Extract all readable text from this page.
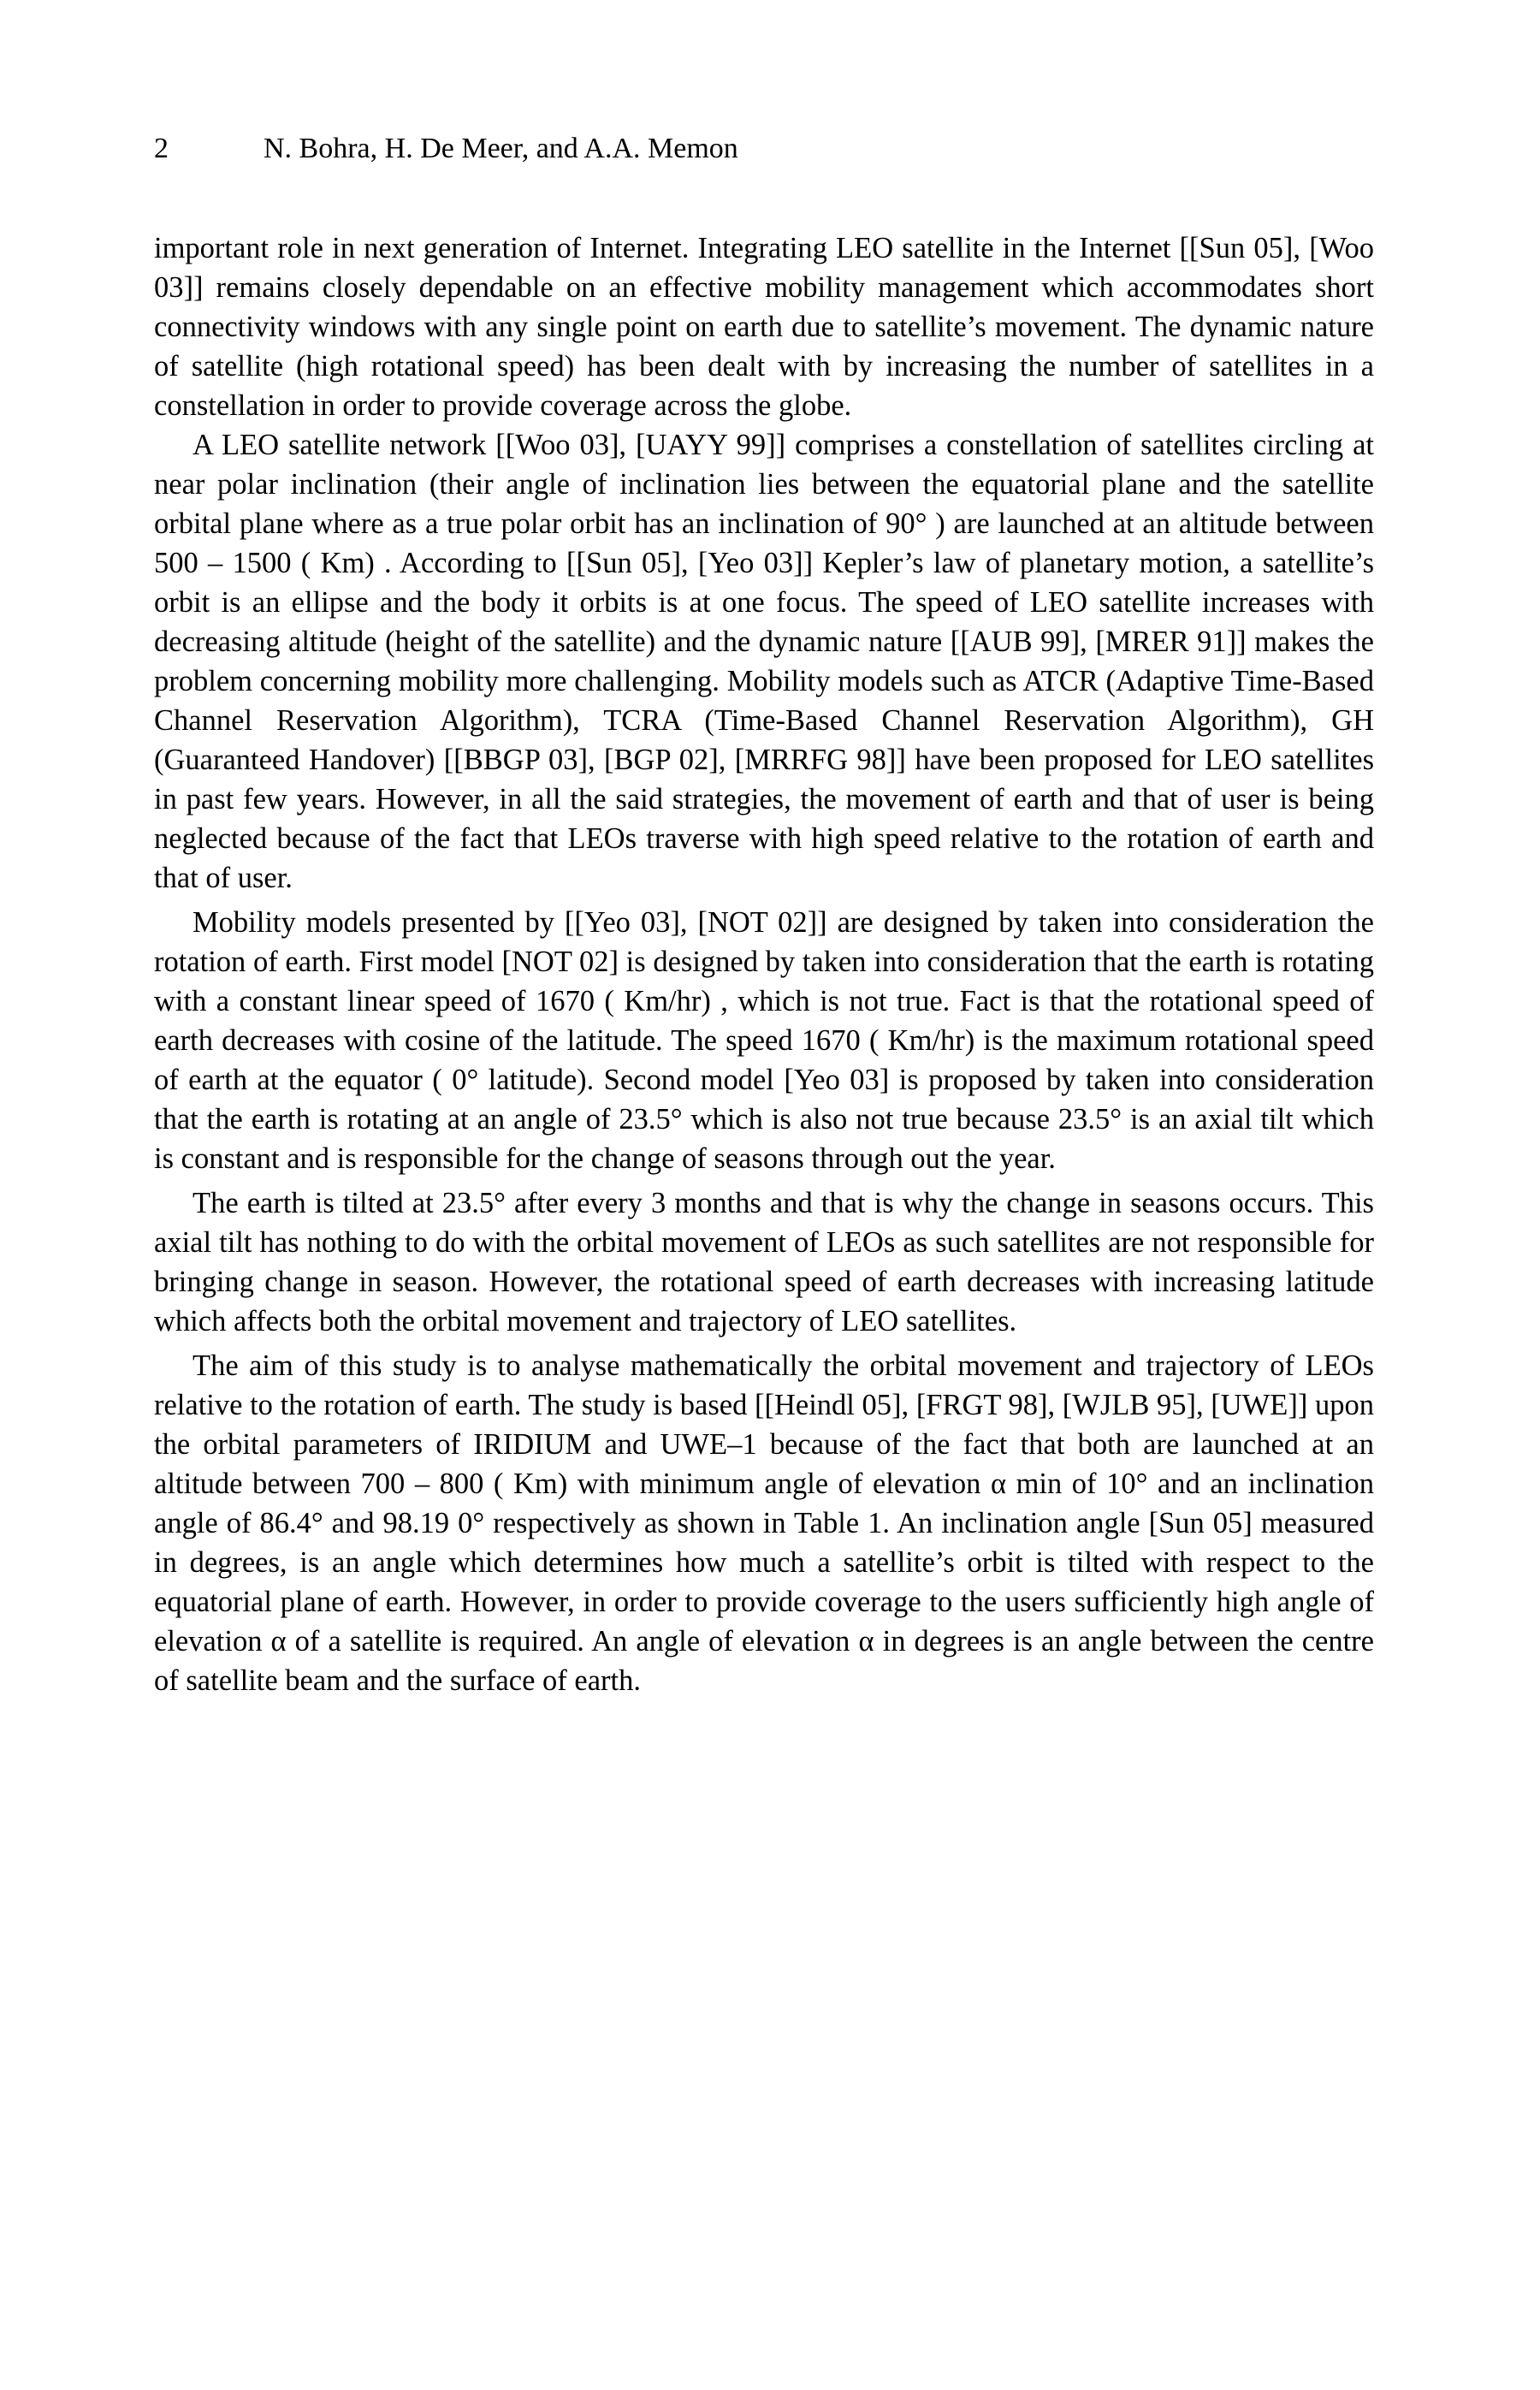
2	N. Bohra, H. De Meer, and A.A. Memon

important role in next generation of Internet. Integrating LEO satellite in the Internet [[Sun 05], [Woo 03]] remains closely dependable on an effective mobility management which accommodates short connectivity windows with any single point on earth due to satellite’s movement. The dynamic nature of satellite (high rotational speed) has been dealt with by increasing the number of satellites in a constellation in order to provide coverage across the globe.

A LEO satellite network [[Woo 03], [UAYY 99]] comprises a constellation of satellites circling at near polar inclination (their angle of inclination lies between the equatorial plane and the satellite orbital plane where as a true polar orbit has an inclination of 90° ) are launched at an altitude between 500 – 1500 ( Km) . According to [[Sun 05], [Yeo 03]] Kepler’s law of planetary motion, a satellite’s orbit is an ellipse and the body it orbits is at one focus. The speed of LEO satellite increases with decreasing altitude (height of the satellite) and the dynamic nature [[AUB 99], [MRER 91]] makes the problem concerning mobility more challenging. Mobility models such as ATCR (Adaptive Time-Based Channel Reservation Algorithm), TCRA (Time-Based Channel Reservation Algorithm), GH (Guaranteed Handover) [[BBGP 03], [BGP 02], [MRRFG 98]] have been proposed for LEO satellites in past few years. However, in all the said strategies, the movement of earth and that of user is being neglected because of the fact that LEOs traverse with high speed relative to the rotation of earth and that of user.

Mobility models presented by [[Yeo 03], [NOT 02]] are designed by taken into consideration the rotation of earth. First model [NOT 02] is designed by taken into consideration that the earth is rotating with a constant linear speed of 1670 ( Km/hr) , which is not true. Fact is that the rotational speed of earth decreases with cosine of the latitude. The speed 1670 ( Km/hr) is the maximum rotational speed of earth at the equator ( 0° latitude). Second model [Yeo 03] is proposed by taken into consideration that the earth is rotating at an angle of 23.5° which is also not true because 23.5° is an axial tilt which is constant and is responsible for the change of seasons through out the year.

The earth is tilted at 23.5° after every 3 months and that is why the change in seasons occurs. This axial tilt has nothing to do with the orbital movement of LEOs as such satellites are not responsible for bringing change in season. However, the rotational speed of earth decreases with increasing latitude which affects both the orbital movement and trajectory of LEO satellites.

The aim of this study is to analyse mathematically the orbital movement and trajectory of LEOs relative to the rotation of earth. The study is based [[Heindl 05], [FRGT 98], [WJLB 95], [UWE]] upon the orbital parameters of IRIDIUM and UWE–1 because of the fact that both are launched at an altitude between 700 – 800 ( Km) with minimum angle of elevation α min of 10° and an inclination angle of 86.4° and 98.19 0° respectively as shown in Table 1. An inclination angle [Sun 05] measured in degrees, is an angle which determines how much a satellite’s orbit is tilted with respect to the equatorial plane of earth. However, in order to provide coverage to the users sufficiently high angle of elevation α of a satellite is required. An angle of elevation α in degrees is an angle between the centre of satellite beam and the surface of earth.
